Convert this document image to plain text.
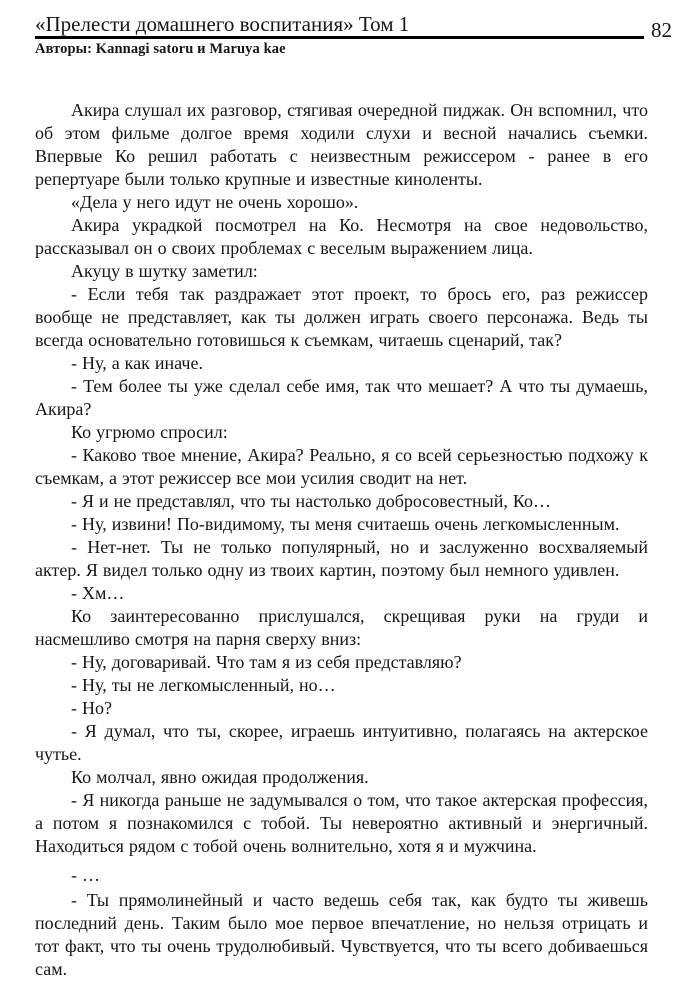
«Прелести домашнего воспитания» Том 1	82
Авторы: Kannagi satoru и Maruya kae

Акира слушал их разговор, стягивая очередной пиджак. Он вспомнил, что об этом фильме долгое время ходили слухи и весной начались съемки. Впервые Ко решил работать с неизвестным режиссером - ранее в его репертуаре были только крупные и известные киноленты.

«Дела у него идут не очень хорошо».

Акира украдкой посмотрел на Ко. Несмотря на свое недовольство, рассказывал он о своих проблемах с веселым выражением лица.

Акуцу в шутку заметил:

- Если тебя так раздражает этот проект, то брось его, раз режиссер вообще не представляет, как ты должен играть своего персонажа. Ведь ты всегда основательно готовишься к съемкам, читаешь сценарий, так?

- Ну, а как иначе.

- Тем более ты уже сделал себе имя, так что мешает? А что ты думаешь, Акира?

Ко угрюмо спросил:

- Каково твое мнение, Акира? Реально, я со всей серьезностью подхожу к съемкам, а этот режиссер все мои усилия сводит на нет.

- Я и не представлял, что ты настолько добросовестный, Ко…

- Ну, извини! По-видимому, ты меня считаешь очень легкомысленным.

- Нет-нет. Ты не только популярный, но и заслуженно восхваляемый актер. Я видел только одну из твоих картин, поэтому был немного удивлен.

- Хм…

Ко заинтересованно прислушался, скрещивая руки на груди и насмешливо смотря на парня сверху вниз:

- Ну, договаривай. Что там я из себя представляю?

- Ну, ты не легкомысленный, но…

- Но?

- Я думал, что ты, скорее, играешь интуитивно, полагаясь на актерское чутье.

Ко молчал, явно ожидая продолжения.

- Я никогда раньше не задумывался о том, что такое актерская профессия, а потом я познакомился с тобой. Ты невероятно активный и энергичный. Находиться рядом с тобой очень волнительно, хотя я и мужчина.

- …

- Ты прямолинейный и часто ведешь себя так, как будто ты живешь последний день. Таким было мое первое впечатление, но нельзя отрицать и тот факт, что ты очень трудолюбивый. Чувствуется, что ты всего добиваешься сам.
